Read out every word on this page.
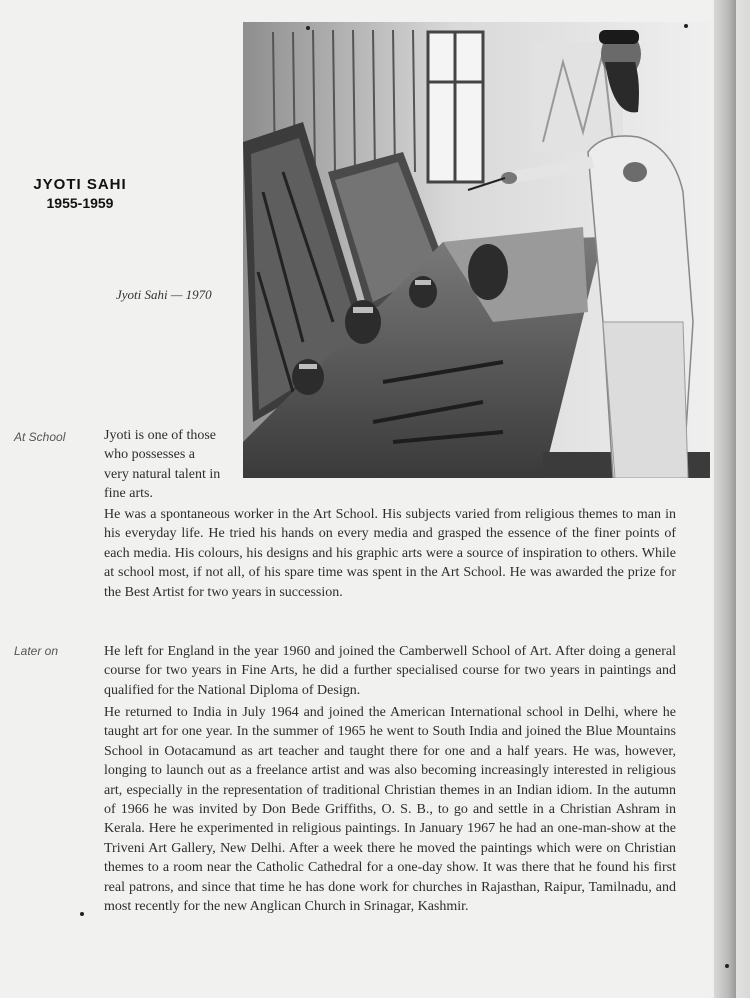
JYOTI SAHI
1955-1959
Jyoti Sahi — 1970
At School	Jyoti is one of those who possesses a very natural talent in fine arts.
He was a spontaneous worker in the Art School. His subjects varied from religious themes to man in his everyday life. He tried his hands on every media and grasped the essence of the finer points of each media. His colours, his designs and his graphic arts were a source of inspiration to others. While at school most, if not all, of his spare time was spent in the Art School. He was awarded the prize for the Best Artist for two years in succession.
Later on	He left for England in the year 1960 and joined the Camberwell School of Art. After doing a general course for two years in Fine Arts, he did a further specialised course for two years in paintings and qualified for the National Diploma of Design.
He returned to India in July 1964 and joined the American International school in Delhi, where he taught art for one year. In the summer of 1965 he went to South India and joined the Blue Mountains School in Ootacamund as art teacher and taught there for one and a half years. He was, however, longing to launch out as a freelance artist and was also becoming increasingly interested in religious art, especially in the representation of traditional Christian themes in an Indian idiom. In the autumn of 1966 he was invited by Don Bede Griffiths, O. S. B., to go and settle in a Christian Ashram in Kerala. Here he experimented in religious paintings. In January 1967 he had an one-man-show at the Triveni Art Gallery, New Delhi. After a week there he moved the paintings which were on Christian themes to a room near the Catholic Cathedral for a one-day show. It was there that he found his first real patrons, and since that time he has done work for churches in Rajasthan, Raipur, Tamilnadu, and most recently for the new Anglican Church in Srinagar, Kashmir.
